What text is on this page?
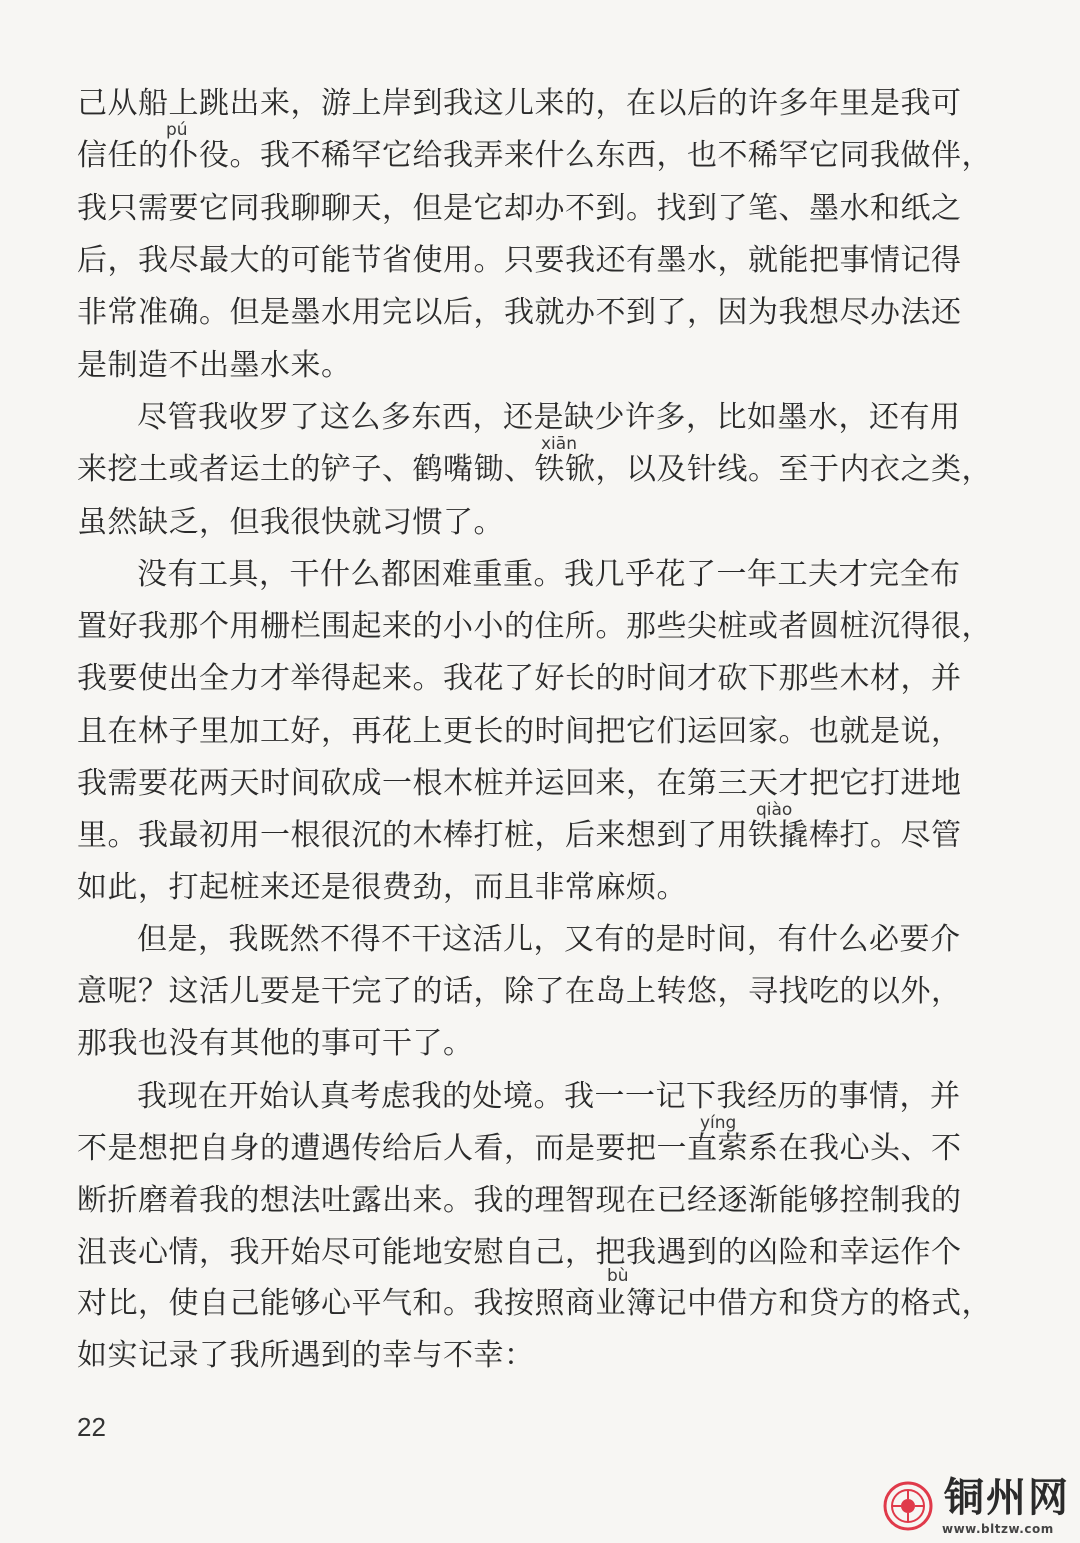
己从船上跳出来，游上岸到我这儿来的，在以后的许多年里是我可
pú
信任的仆役。我不稀罕它给我弄来什么东西，也不稀罕它同我做伴，
我只需要它同我聊聊天，但是它却办不到。找到了笔、墨水和纸之
后，我尽最大的可能节省使用。只要我还有墨水，就能把事情记得
非常准确。但是墨水用完以后，我就办不到了，因为我想尽办法还
是制造不出墨水来。
尽管我收罗了这么多东西，还是缺少许多，比如墨水，还有用
xiān
来挖土或者运土的铲子、鹤嘴锄、铁锨，以及针线。至于内衣之类，
虽然缺乏，但我很快就习惯了。
没有工具，干什么都困难重重。我几乎花了一年工夫才完全布
置好我那个用栅栏围起来的小小的住所。那些尖桩或者圆桩沉得很，
我要使出全力才举得起来。我花了好长的时间才砍下那些木材，并
且在林子里加工好，再花上更长的时间把它们运回家。也就是说，
我需要花两天时间砍成一根木桩并运回来，在第三天才把它打进地
qiào
里。我最初用一根很沉的木棒打桩，后来想到了用铁撬棒打。尽管
如此，打起桩来还是很费劲，而且非常麻烦。
但是，我既然不得不干这活儿，又有的是时间，有什么必要介
意呢？这活儿要是干完了的话，除了在岛上转悠，寻找吃的以外，
那我也没有其他的事可干了。
我现在开始认真考虑我的处境。我一一记下我经历的事情，并
yíng
不是想把自身的遭遇传给后人看，而是要把一直萦系在我心头、不
断折磨着我的想法吐露出来。我的理智现在已经逐渐能够控制我的
沮丧心情，我开始尽可能地安慰自己，把我遇到的凶险和幸运作个
bù
对比，使自己能够心平气和。我按照商业簿记中借方和贷方的格式，
如实记录了我所遇到的幸与不幸：
22
铜州网
www.bltzw.com
